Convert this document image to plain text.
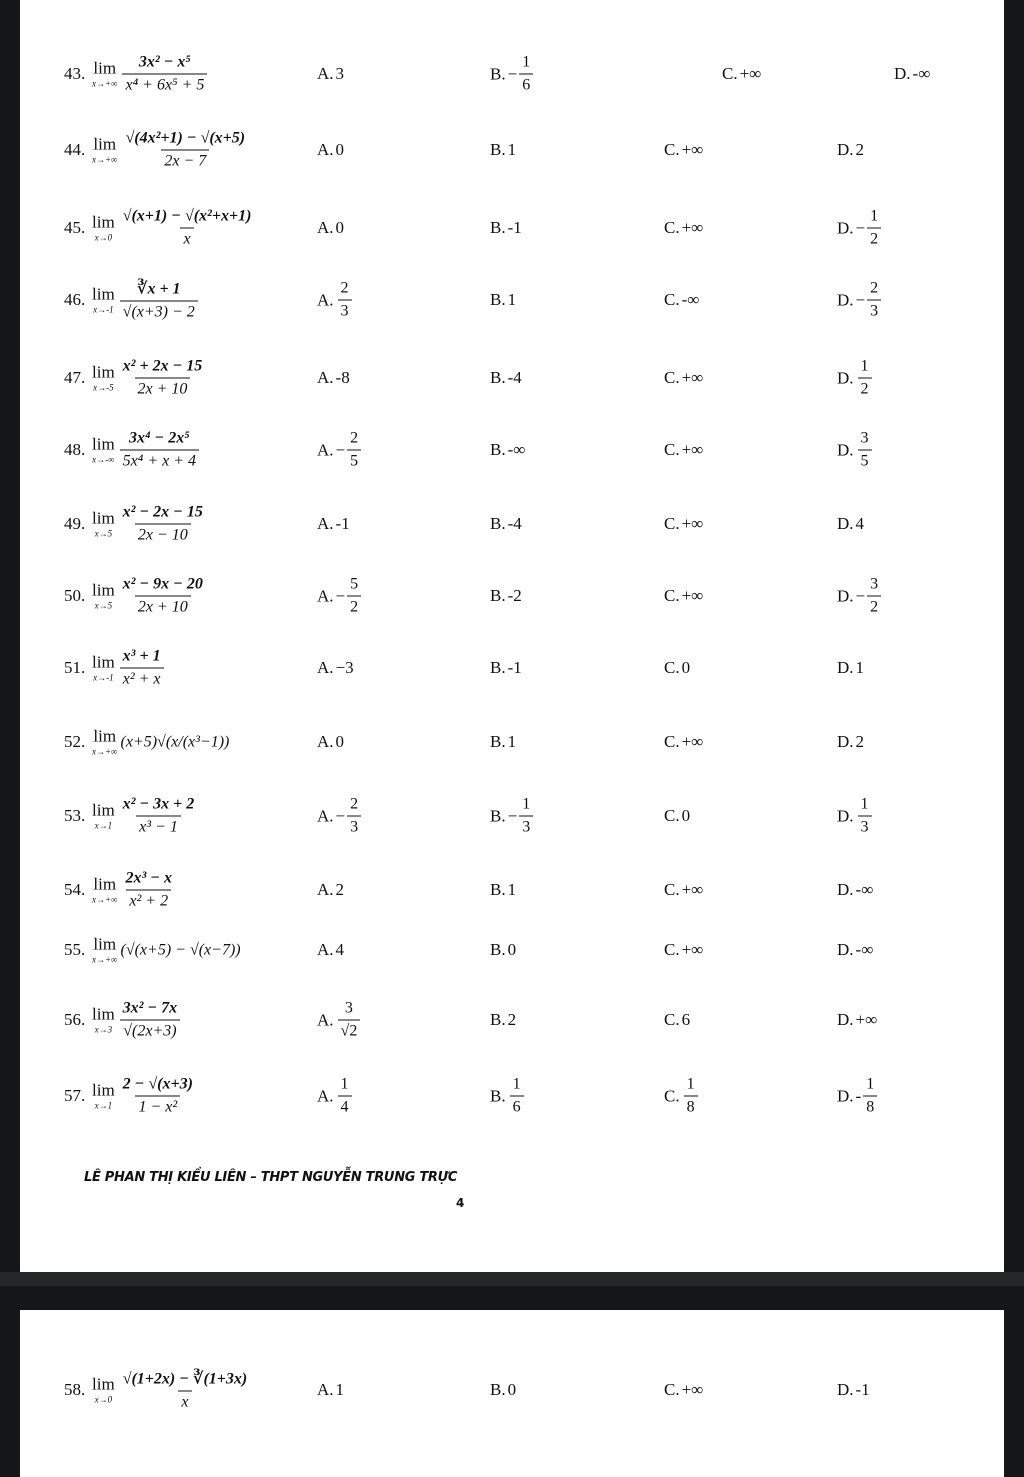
43. lim
$x\to+\infty \frac{\text{3x² − x⁵}}{\text{x⁴ + 6x⁵ + 5}}$	A. 3	B. − $\frac{1}{6}$	C. +∞	D. -∞
44. lim
$x\to+\infty \frac{\text{√(4x²+1) − √(x+5)}}{2x - 7}$	A. 0	B. 1	C. +∞	D. 2
45. lim
$x\to 0 \frac{\text{√(x+1) − √(x²+x+1)}}{x}$	A. 0	B. -1	C. +∞	D. − $\frac{1}{2}$
46. lim
$x\to-1 \frac{∛x + 1}{√(x+3) - 2}$	A. $\frac{2}{3}$	B. 1	C. -∞	D. − $\frac{2}{3}$
47. lim
$x\to-5 \frac{\text{x² + 2x − 15}}{2x + 10}$	A. -8	B. -4	C. +∞	D. $\frac{1}{2}$
48. lim
$x\to-\infty \frac{\text{3x⁴ − 2x⁵}}{\text{5x⁴ + x + 4}}$	A. − $\frac{2}{5}$	B. -∞	C. +∞	D. $\frac{3}{5}$
49. lim
$x\to 5 \frac{\text{x² − 2x − 15}}{2x - 10}$	A. -1	B. -4	C. +∞	D. 4
50. lim
$x\to 5 \frac{\text{x² − 9x − 20}}{2x + 10}$	A. − $\frac{5}{2}$	B. -2	C. +∞	D. − $\frac{3}{2}$
51. lim
$x\to-1 \frac{\text{x³ + 1}}{\text{x² + x}}$	A. −3	B. -1	C. 0	D. 1
52. lim
x→+∞
(x+5)√(x/(x³−1))	A. 0	B. 1	C. +∞	D. 2
53. lim
$x\to 1 \frac{\text{x² − 3x + 2}}{\text{x³ − 1}}$	A. − $\frac{2}{3}$	B. − $\frac{1}{3}$	C. 0	D. $\frac{1}{3}$
54. lim
$x\to+\infty \frac{\text{2x³ − x}}{\text{x² + 2}}$	A. 2	B. 1	C. +∞	D. -∞
55. lim
x→+∞
(√(x+5) − √(x−7))	A. 4	B. 0	C. +∞	D. -∞
56. lim
$x\to 3 \frac{\text{3x² − 7x}}{√(2x+3)}$	A. $\frac{3}{√2}$	B. 2	C. 6	D. +∞
57. lim
$x\to 1 \frac{2 - √(x+3)}{\text{1 − x²}}$	A. $\frac{1}{4}$	B. $\frac{1}{6}$	C. $\frac{1}{8}$	D. - $\frac{1}{8}$
LÊ PHAN THỊ KIỀU LIÊN – THPT NGUYỄN TRUNG TRỰC
4
58. lim
$x\to 0 \frac{√(1+2x) - ∛(1+3x)}{x}$	A. 1	B. 0	C. +∞	D. -1
